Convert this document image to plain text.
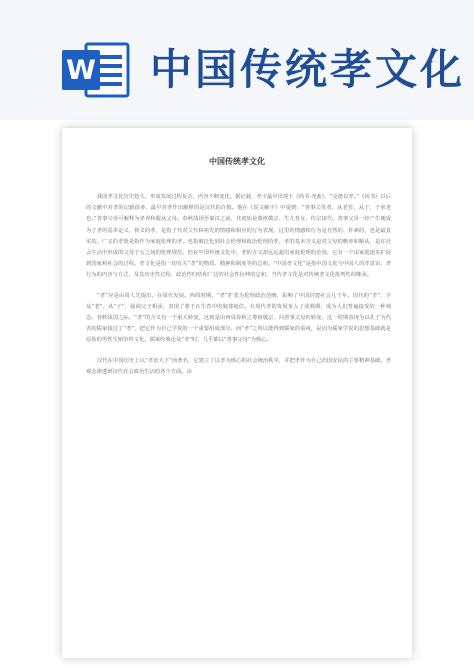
W 中国传统孝文化
中国传统孝文化

我国孝文化历史悠久、形成发展过程复杂，内容不断变化。据记载，孝字最早出现于《尚书·尧曲》，“克谐以孝。”《尚书》以后的文献中对孝的记载很多，最早对孝作出解释的是汉代的许慎。他在《说文解字》中提到：“善事父母者，从老省，从子，子承老也。”善事父母可解释为孝养和服从父母。春秋战国至秦汉之前，其初始是尊祖敬宗、生儿育女、传宗接代。善事父母一经产生便成为了孝的基本定义。狭义的孝，是指子代对父代和祖先的情感和相应的行为表现。这里的情感和行为是自然的、朴素的，也是最真实的。广义的孝既是指作为家庭伦理的孝，也指被泛化到社会伦理和政治伦理的孝。孝的基本含义是对父母的赡养和顺从，是在社会生活中形成的父母子女之间的伦理规范。但在中国传统文化中，孝的含义却远远超出家庭伦理的范围，它有一个由家庭逐步扩展到国家和社会的过程。孝文化是指一切有关“孝”的物质、精神和制度等的总和。“中国孝文化”是指中国文化与中国人的孝意识、孝行为的内容与方式，及其历史性过程、政治性归结和广泛的社会性衍伸的总和。当代孝文化是对传统孝文化批判性的继承。

“孝”应是由周人先提出，在周代发展。西周时期，“孝”扩张为伦理政治范畴，影响了中国封建社会几千年。周代的“孝”，字从“老”，从“子”，强调父子相承，表现了尊于在生育中的独尊地位。在周代孝的发展步入了成熟期，成为人们普遍接受的一种观念。春秋战国之际，“孝”的含义有一个重大转变，这就是由西周春秋之尊祖敬宗、向善事父母的转变。这一时期表现为以孔子为代表的儒家接过了“孝”，把它作为自己学说的一个重要组成部分。而“孝”之所以能得到儒家的重视，是因为儒家学说的思想基础就是原始的男性生殖崇拜文化。儒家经典论及“孝”时，几乎都以“善事父母”为核心。

汉代在中国历史上以“孝治天下”而著名，它建立了以孝为核心的社会统治秩序，并把孝作为自己治国安民的主要精神基础。孝观念渗透到汉代社会政治生活的各个方面。由
